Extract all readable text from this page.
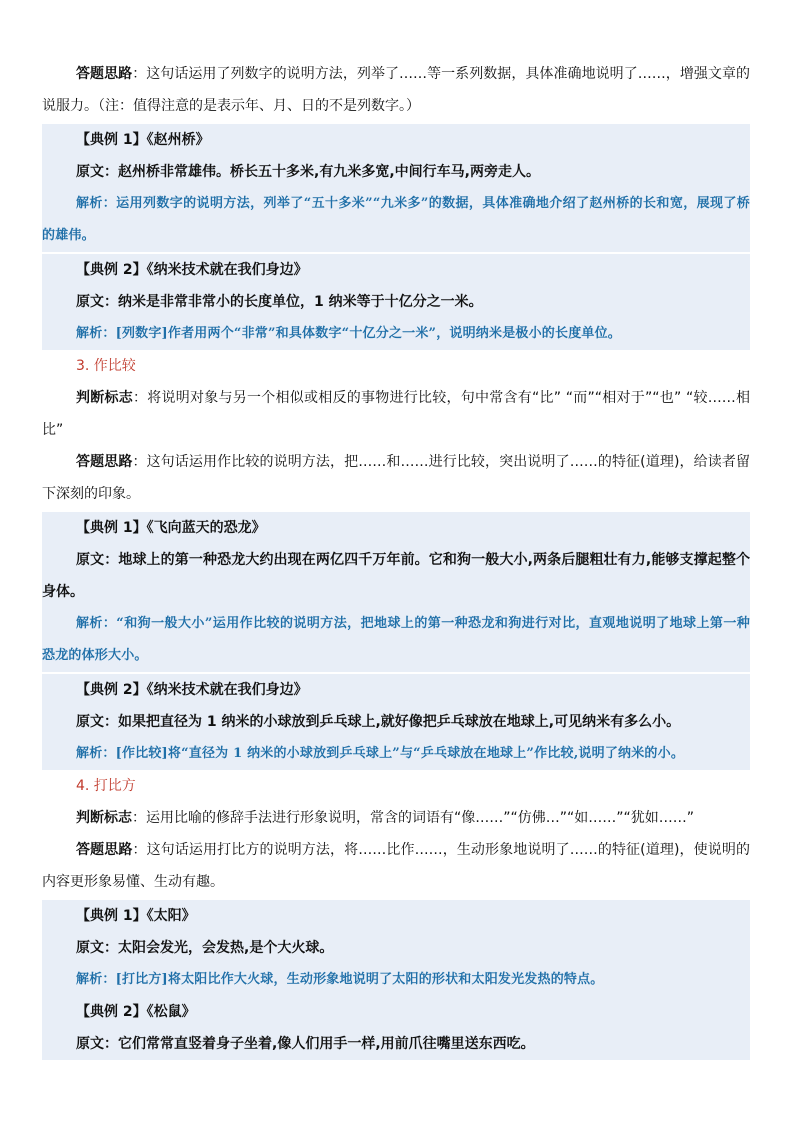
答题思路：这句话运用了列数字的说明方法，列举了……等一系列数据，具体准确地说明了……，增强文章的说服力。（注：值得注意的是表示年、月、日的不是列数字。）

【典例 1】《赵州桥》

原文：赵州桥非常雄伟。桥长五十多米,有九米多宽,中间行车马,两旁走人。

解析：运用列数字的说明方法，列举了“五十多米”“九米多”的数据，具体准确地介绍了赵州桥的长和宽，展现了桥的雄伟。

【典例 2】《纳米技术就在我们身边》

原文：纳米是非常非常小的长度单位，1 纳米等于十亿分之一米。

解析：[列数字]作者用两个“非常”和具体数字“十亿分之一米”，说明纳米是极小的长度单位。

3. 作比较

判断标志：将说明对象与另一个相似或相反的事物进行比较，句中常含有“比” “而”“相对于”“也” “较……相比”

答题思路：这句话运用作比较的说明方法，把……和……进行比较，突出说明了……的特征(道理)，给读者留下深刻的印象。

【典例 1】《飞向蓝天的恐龙》

原文：地球上的第一种恐龙大约出现在两亿四千万年前。它和狗一般大小,两条后腿粗壮有力,能够支撑起整个身体。

解析：“和狗一般大小”运用作比较的说明方法，把地球上的第一种恐龙和狗进行对比，直观地说明了地球上第一种恐龙的体形大小。

【典例 2】《纳米技术就在我们身边》

原文：如果把直径为 1 纳米的小球放到乒乓球上,就好像把乒乓球放在地球上,可见纳米有多么小。

解析：[作比较]将“直径为 1 纳米的小球放到乒乓球上”与“乒乓球放在地球上”作比较,说明了纳米的小。

4. 打比方

判断标志：运用比喻的修辞手法进行形象说明，常含的词语有“像……”“仿佛…”“如……”“犹如……”

答题思路：这句话运用打比方的说明方法，将……比作……，生动形象地说明了……的特征(道理)，使说明的内容更形象易懂、生动有趣。

【典例 1】《太阳》

原文：太阳会发光，会发热,是个大火球。

解析：[打比方]将太阳比作大火球，生动形象地说明了太阳的形状和太阳发光发热的特点。

【典例 2】《松鼠》

原文：它们常常直竖着身子坐着,像人们用手一样,用前爪往嘴里送东西吃。
